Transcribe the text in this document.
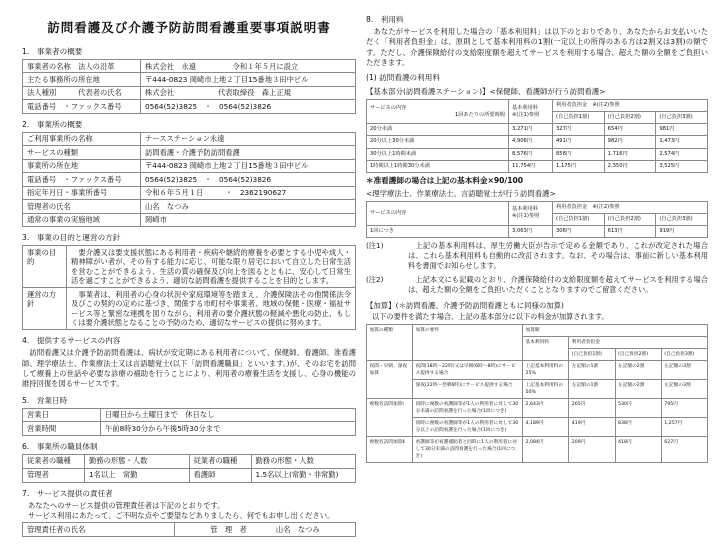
訪問看護及び介護予防訪問看護重要事項説明書
1.　事業者の概要
事業者の名称　法人の沿革	株式会社　永遠　　　　　令和１年５月に設立
主たる事務所の所在地	〒444-0823 岡崎市上地２丁目15番地３田中ビル
法人種別　　　代表者の氏名	株式会社　　　　　　代表取締役　森上正規
電話番号　・ファックス番号	0564(52)3825　・　0564(52)3826
2.　事業所の概要
ご利用事業所の名称	ナースステーション永遠
サービスの種類	訪問看護・介護予防訪問看護
事業所の所在地	〒444-0823 岡崎市上地２丁目15番地３田中ビル
電話番号　・ファックス番号	0564(52)3825　・　0564(52)3826
指定年月日・事業所番号	令和６年５月１日　　　・　2362190627
管理者の氏名	山名　なつみ
通常の事業の実施地域	岡崎市
3.　事業の目的と運営の方針
事業の目的	　要介護又は要支援状態にある利用者・疾病や継続的療養を必要とする小児や成人・精神障がい者が、その有する能力に応じ、可能な限り居宅において自立した日常生活を営むことができるよう、生活の質の確保及び向上を図るとともに、安心して日常生活を過ごすことができるよう、適切な訪問看護を提供することを目的とします。
運営の方針	　事業者は、利用者の心身の状況や家庭環境等を踏まえ、介護保険法その他関係法令及びこの契約の定めに基づき、関係する市町村や事業者、地域の保健・医療・福祉サービス等と緊密な連携を図りながら、利用者の要介護状態の軽減や悪化の防止、もしくは要介護状態となることの予防のため、適切なサービスの提供に努めます。
4.　提供するサービスの内容
　訪問看護又は介護予防訪問看護は、病状が安定期にある利用者について、保健師、看護師、准看護師、理学療法士、作業療法士又は言語聴覚士(以下「訪問看護職員」といいます。)が、そのお宅を訪問して療養上の世話や必要な診療の補助を行うことにより、利用者の療養生活を支援し、心身の機能の維持回復を図るサービスです。
5.　営業日時
営業日	日曜日から土曜日まで　休日なし
営業時間	午前8時30分から午後5時30分まで
6.　事業所の職員体制
従業者の職種	勤務の形態・人数	従業者の職種	勤務の形態・人数
管理者	1名以上　常勤	看護師	1.5名以上(常勤・非常勤)
7.　サービス提供の責任者
あなたへのサービス提供の管理責任者は下記のとおりです。
サービス利用にあたって、ご不明な点やご要望などありましたら、何でもお申し出ください。
管理責任者の氏名	管　理　者　　　　山名　なつみ
8.　利用料
　あなたがサービスを利用した場合の「基本利用料」は以下のとおりであり、あなたからお支払いいただく「利用者負担金」は、原則として基本利用料の1割(一定以上の所得のある方は2割又は3割)の額です。ただし、介護保険給付の支給限度額を超えてサービスを利用する場合、超えた額の全額をご負担いただきます。
(1) 訪問看護の利用料
【基本部分(訪問看護ステーション)】<保健師、看護師が行う訪問看護>
サービスの内容
1回あたりの所要時間	基本利用料
※(注1)参照	利用者負担金　※(注2)参照		
		(自己負担1割)	(自己負担2割)	(自己負担3割)
20分未満	3,271円	327円	654円	981円
20分以上30分未満	4,906円	491円	982円	1,473円
30分以上1時間未満	8,576円	858円	1,716円	2,574円
1時間以上1時間30分未満	11,754円	1,175円	2,350円	3,525円
＊准看護師の場合は上記の基本料金×90/100
<理学療法士、作業療法士、言語聴覚士が行う訪問看護>
サービスの内容	基本利用料
※(注1)参照	利用者負担金　※(注2)参照		
		(自己負担1割)	(自己負担2割)	(自己負担3割)
1回につき	3,063円	306円	613円	919円
(注1)	　上記の基本利用料は、厚生労働大臣が告示で定める金額であり、これが改定された場合は、これら基本利用料も自動的に改訂されます。なお、その場合は、事前に新しい基本利用料を書面でお知らせします。
(注2)	　上記本文にも記載のとおり、介護保険給付の支給限度額を超えてサービスを利用する場合は、超えた額の全額をご負担いただくこととなりますのでご留意ください。
【加算】(＊訪問看護、介護予防訪問看護ともに同様の加算)
以下の要件を満たす場合、上記の基本部分に以下の料金が加算されます。
加算の種類	加算の要件	加算額			
		基本利用料	利用者負担金		
			(自己負担1割)	(自己負担2割)	(自己負担3割)
夜間・早朝、深夜加算	夜間(18時～22時)又は早朝(6時～8時)にサービス提供する場合	上記基本利用料の25%	左記額の1割	左記額の2割	左記額の3割
	深夜(22時～翌朝6時)にサービス提供する場合	上記基本利用料の50%	左記額の1割	左記額の2割	左記額の3割
複数名訪問加算Ⅰ	同時に複数の看護師等が1人の利用者に対して30分未満の訪問看護を行った場合(1回につき)	2,643円	265円	530円	795円
	同時に複数の看護師等が1人の利用者に対して30分以上の訪問看護を行った場合(1回につき)	4,189円	419円	838円	1,257円
複数名訪問加算Ⅱ	看護師等が看護補助者と同時に1人の利用者に対して30分未満の訪問看護を行った場合(1回につき)	2,084円	209円	418円	627円
